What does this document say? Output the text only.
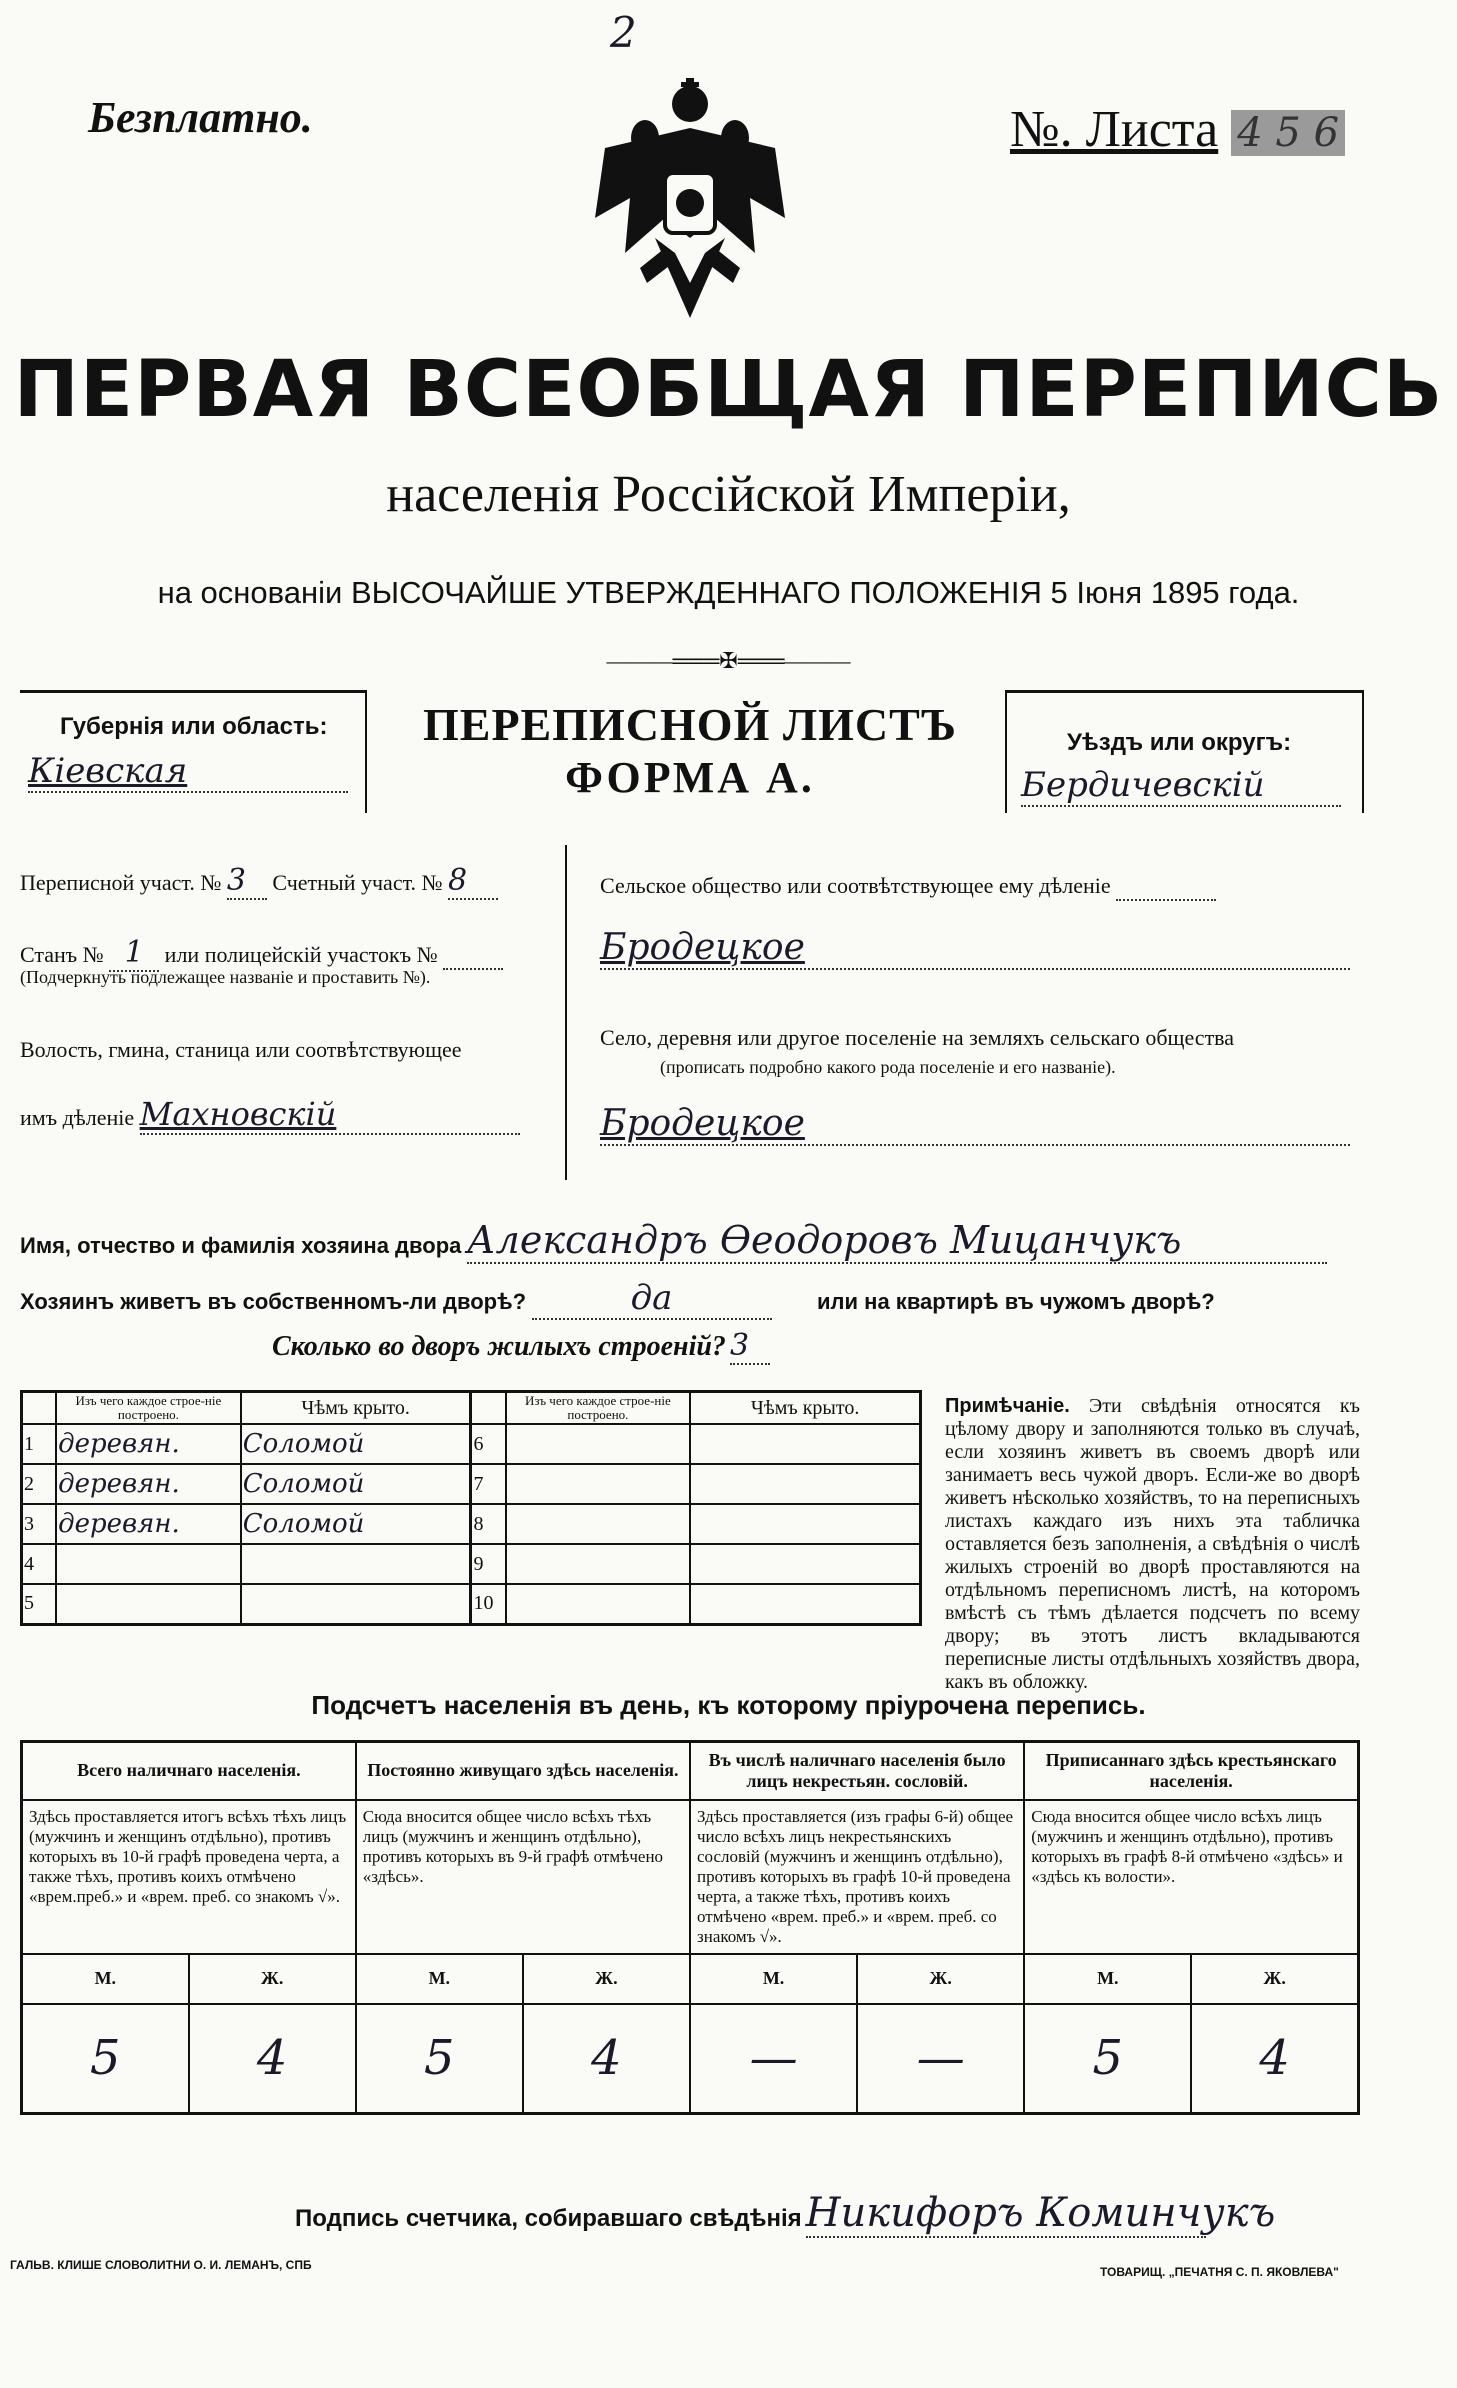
2
Безплатно.	№. Листа 4 5 6
ПЕРВАЯ ВСЕОБЩАЯ ПЕРЕПИСЬ
населенія Россійской Имперіи,
на основаніи ВЫСОЧАЙШЕ УТВЕРЖДЕННАГО ПОЛОЖЕНІЯ 5 Іюня 1895 года.
———═══✠═══———
Губернія или область:
Кіевская
ПЕРЕПИСНОЙ ЛИСТЪ
ФОРМА А.
Уѣздъ или округъ:
Бердичевскій
Переписной участ. № 3 Счетный участ. № 8
Станъ № 1 или полицейскій участокъ №
(Подчеркнуть подлежащее названіе и проставить №).
Волость, гмина, станица или соотвѣтствующее
имъ дѣленіе Махновскій
Сельское общество или соотвѣтствующее ему дѣленіе
Бродецкое
Село, деревня или другое поселеніе на земляхъ сельскаго общества
(прописать подробно какого рода поселеніе и его названіе).
Бродецкое
Имя, отчество и фамилія хозяина двора Александръ Өеодоровъ Мицанчукъ
Хозяинъ живетъ въ собственномъ-ли дворѣ?	да	или на квартирѣ въ чужомъ дворѣ?
Сколько во дворъ жилыхъ строеній? 3
	Изъ чего каждое строе-ніе построено.	Чѣмъ крыто.		Изъ чего каждое строе-ніе построено.	Чѣмъ крыто.
1	деревян.	Соломой	6		
2	деревян.	Соломой	7		
3	деревян.	Соломой	8		
4			9		
5			10		
Примѣчаніе. Эти свѣдѣнія относятся къ цѣлому двору и заполняются только въ случаѣ, если хозяинъ живетъ въ своемъ дворѣ или занимаетъ весь чужой дворъ. Если-же во дворѣ живетъ нѣсколько хозяйствъ, то на переписныхъ листахъ каждаго изъ нихъ эта табличка оставляется безъ заполненія, а свѣдѣнія о числѣ жилыхъ строеній во дворѣ проставляются на отдѣльномъ переписномъ листѣ, на которомъ вмѣстѣ съ тѣмъ дѣлается подсчетъ по всему двору; въ этотъ листъ вкладываются переписные листы отдѣльныхъ хозяйствъ двора, какъ въ обложку.
Подсчетъ населенія въ день, къ которому пріурочена перепись.
Всего наличнаго населенія.		Постоянно живущаго здѣсь населенія.		Въ числѣ наличнаго населенія было лицъ некрестьян. сословій.		Приписаннаго здѣсь крестьянскаго населенія.	
Здѣсь проставляется итогъ всѣхъ тѣхъ лицъ (мужчинъ и женщинъ отдѣльно), противъ которыхъ въ 10-й графѣ проведена черта, а также тѣхъ, противъ коихъ отмѣчено «врем.преб.» и «врем. преб. со знакомъ √».		Сюда вносится общее число всѣхъ тѣхъ лицъ (мужчинъ и женщинъ отдѣльно), противъ которыхъ въ 9-й графѣ отмѣчено «здѣсь».		Здѣсь проставляется (изъ графы 6-й) общее число всѣхъ лицъ некрестьянскихъ сословій (мужчинъ и женщинъ отдѣльно), противъ которыхъ въ графѣ 10-й проведена черта, а также тѣхъ, противъ коихъ отмѣчено «врем. преб.» и «врем. преб. со знакомъ √».		Сюда вносится общее число всѣхъ лицъ (мужчинъ и женщинъ отдѣльно), противъ которыхъ въ графѣ 8-й отмѣчено «здѣсь» и «здѣсь къ волости».	
М.	Ж.	М.	Ж.	М.	Ж.	М.	Ж.
5	4	5	4	—	—	5	4
Подпись счетчика, собиравшаго свѣдѣнія Никифоръ Коминчукъ
ГАЛЬВ. КЛИШЕ СЛОВОЛИТНИ О. И. ЛЕМАНЪ, СПБ	ТОВАРИЩ. „ПЕЧАТНЯ С. П. ЯКОВЛЕВА"
